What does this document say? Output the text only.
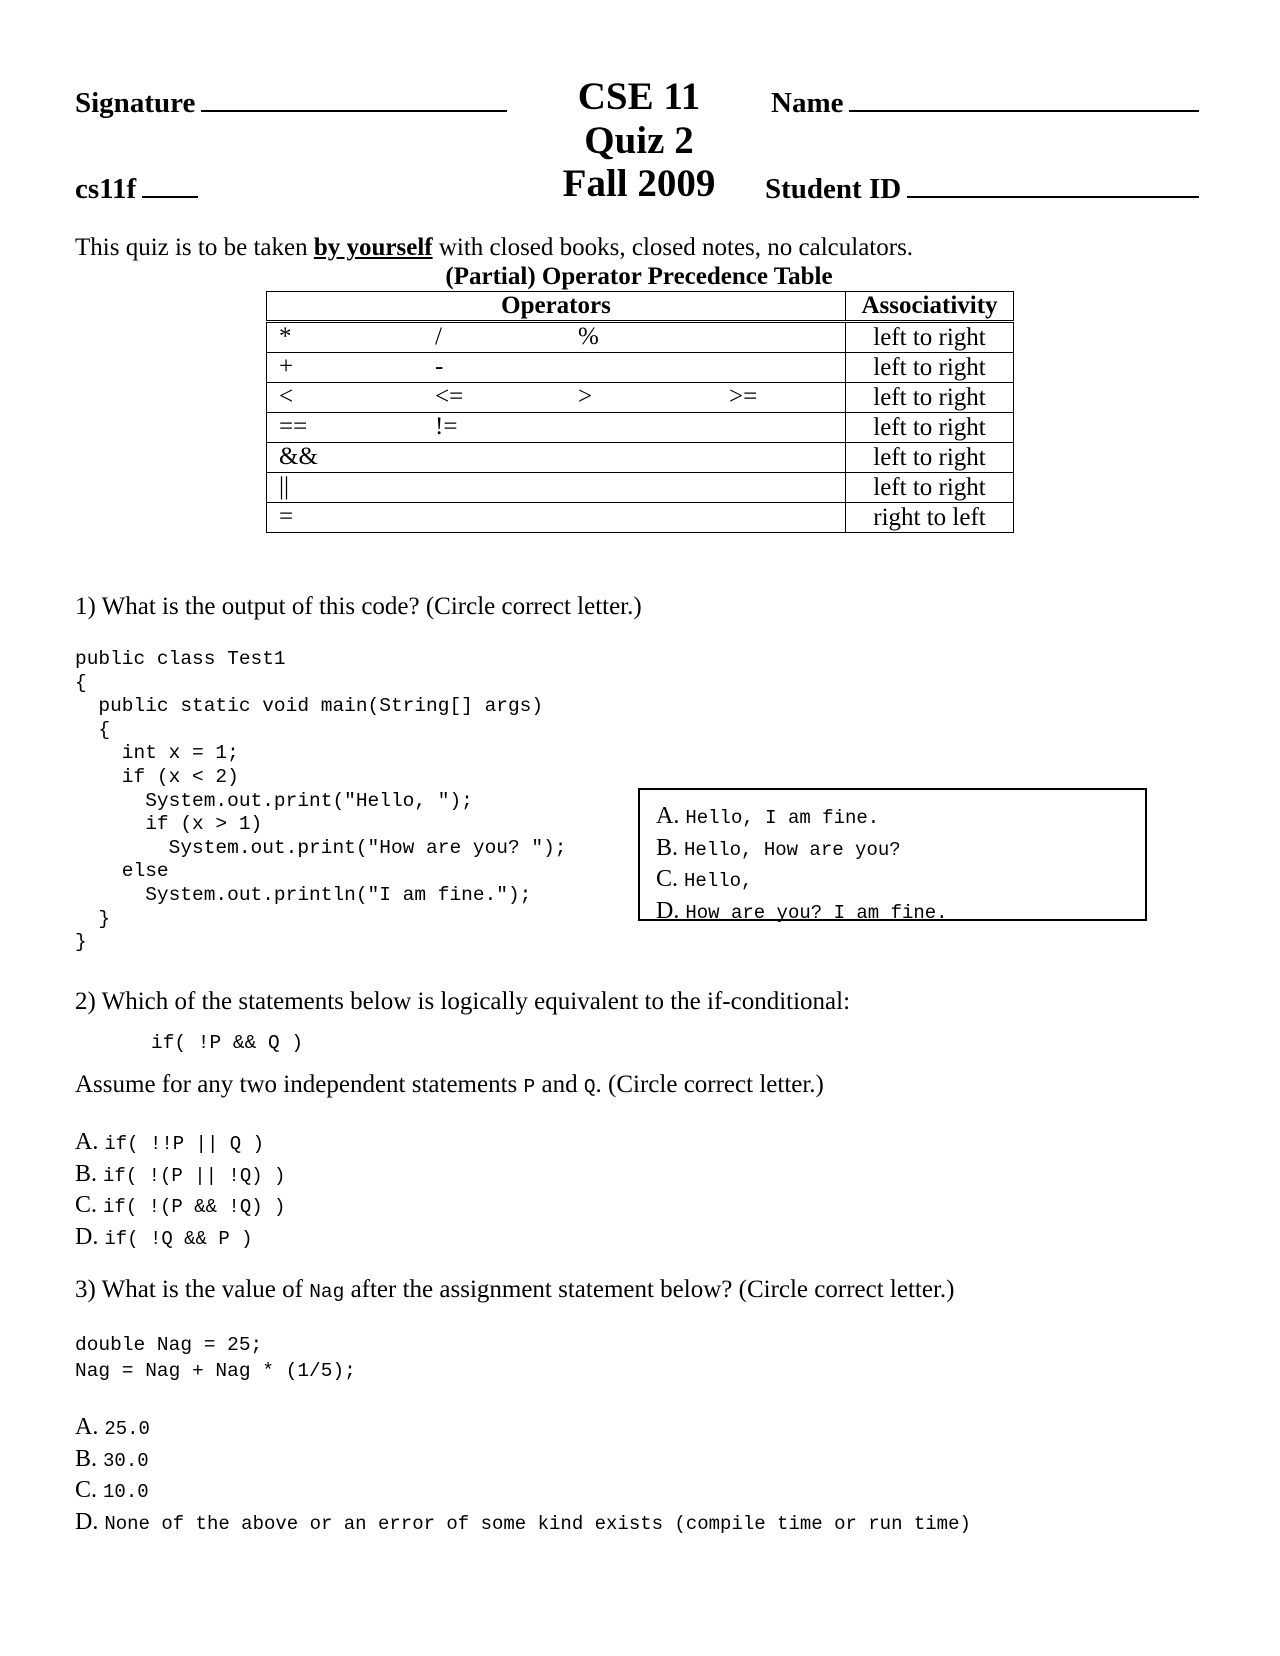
Signature
cs11f
Name
Student ID
CSE 11
Quiz 2
Fall 2009
This quiz is to be taken by yourself with closed books, closed notes, no calculators.
(Partial) Operator Precedence Table
Operators	Associativity

* / %	left to right

+ -	left to right

< <= > >=	left to right

== !=	left to right

&&	left to right

||	left to right

=	right to left
1) What is the output of this code? (Circle correct letter.)
public class Test1
{
public static void main(String[] args)
{
int x = 1;
if (x < 2)
System.out.print("Hello, ");
if (x > 1)
System.out.print("How are you? ");
else
System.out.println("I am fine.");
}
}
A. Hello, I am fine.
B. Hello, How are you?
C. Hello,
D. How are you? I am fine.
2) Which of the statements below is logically equivalent to the if-conditional:
if( !P && Q )
Assume for any two independent statements P and Q. (Circle correct letter.)
A. if( !!P || Q )
B. if( !(P || !Q) )
C. if( !(P && !Q) )
D. if( !Q && P )
3) What is the value of Nag after the assignment statement below? (Circle correct letter.)
double Nag = 25;
Nag = Nag + Nag * (1/5);
A. 25.0
B. 30.0
C. 10.0
D. None of the above or an error of some kind exists (compile time or run time)
